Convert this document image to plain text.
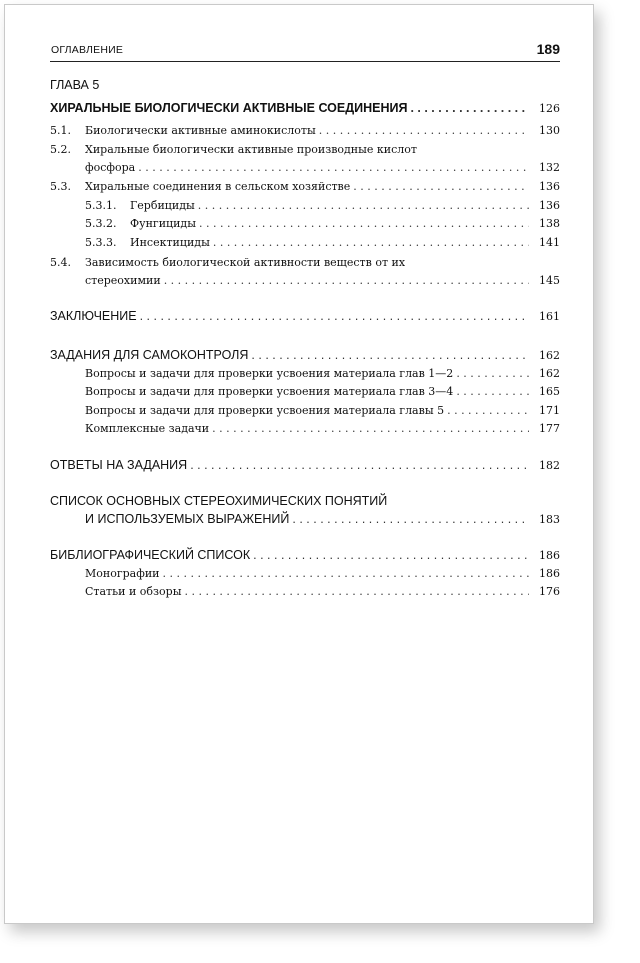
ОГЛАВЛЕНИЕ	189
ГЛАВА 5
ХИРАЛЬНЫЕ БИОЛОГИЧЕСКИ АКТИВНЫЕ СОЕДИНЕНИЯ . . .	126
5.1.	Биологически активные аминокислоты . . .	130
5.2. Хиральные биологически активные производные кислот
фосфора . . .	132
5.3.	Хиральные соединения в сельском хозяйстве . . .	136
5.3.1.	Гербициды . . .	136
5.3.2.	Фунгициды . . .	138
5.3.3.	Инсектициды . . .	141
5.4. Зависимость биологической активности веществ от их
стереохимии . . .	145
ЗАКЛЮЧЕНИЕ . . .	161
ЗАДАНИЯ ДЛЯ САМОКОНТРОЛЯ . . .	162
Вопросы и задачи для проверки усвоения материала глав 1—2 . . .	162
Вопросы и задачи для проверки усвоения материала глав 3—4 . . .	165
Вопросы и задачи для проверки усвоения материала главы 5 . . .	171
Комплексные задачи . . .	177
ОТВЕТЫ НА ЗАДАНИЯ . . .	182
СПИСОК ОСНОВНЫХ СТЕРЕОХИМИЧЕСКИХ ПОНЯТИЙ
И ИСПОЛЬЗУЕМЫХ ВЫРАЖЕНИЙ . . .	183
БИБЛИОГРАФИЧЕСКИЙ СПИСОК . . .	186
Монографии . . .	186
Статьи и обзоры . . .	176
